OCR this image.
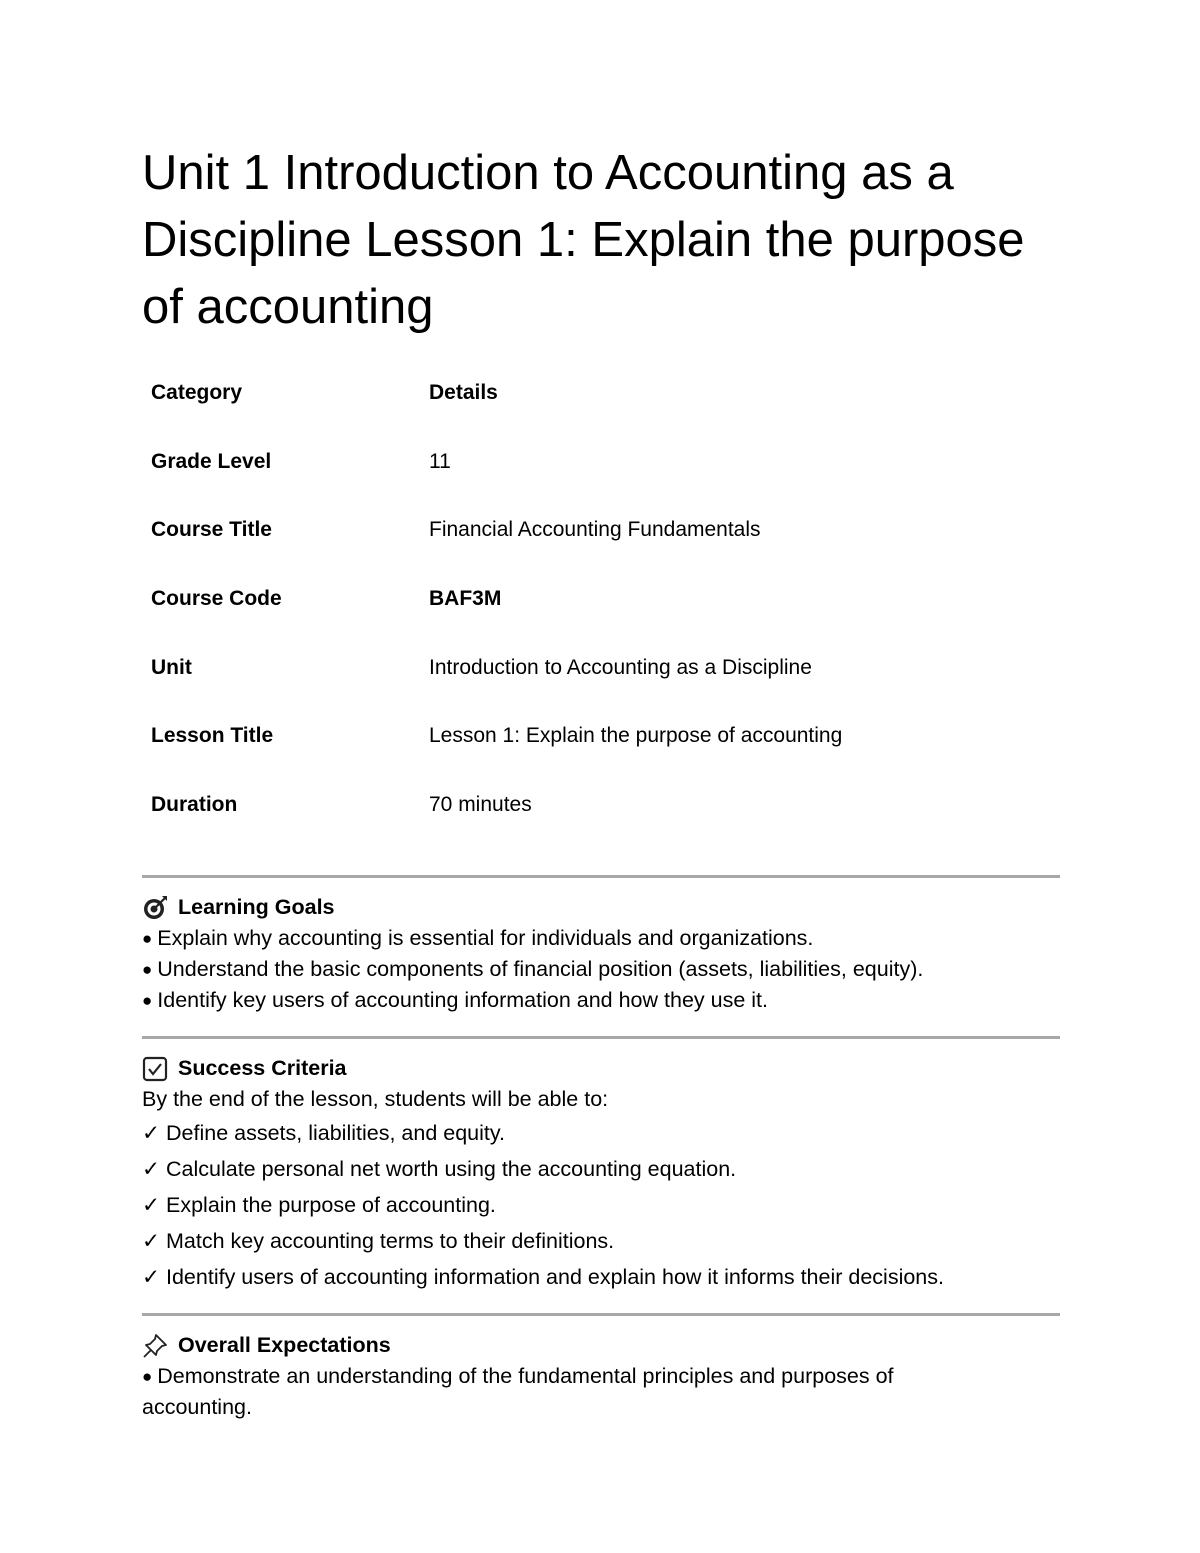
Unit 1 Introduction to Accounting as a Discipline Lesson 1: Explain the purpose of accounting
Category	Details
Grade Level	11
Course Title	Financial Accounting Fundamentals
Course Code	BAF3M
Unit	Introduction to Accounting as a Discipline
Lesson Title	Lesson 1: Explain the purpose of accounting
Duration	70 minutes
Learning Goals
● Explain why accounting is essential for individuals and organizations.
● Understand the basic components of financial position (assets, liabilities, equity).
● Identify key users of accounting information and how they use it.
Success Criteria
By the end of the lesson, students will be able to:
✓ Define assets, liabilities, and equity.
✓ Calculate personal net worth using the accounting equation.
✓ Explain the purpose of accounting.
✓ Match key accounting terms to their definitions.
✓ Identify users of accounting information and explain how it informs their decisions.
Overall Expectations
● Demonstrate an understanding of the fundamental principles and purposes of
accounting.
